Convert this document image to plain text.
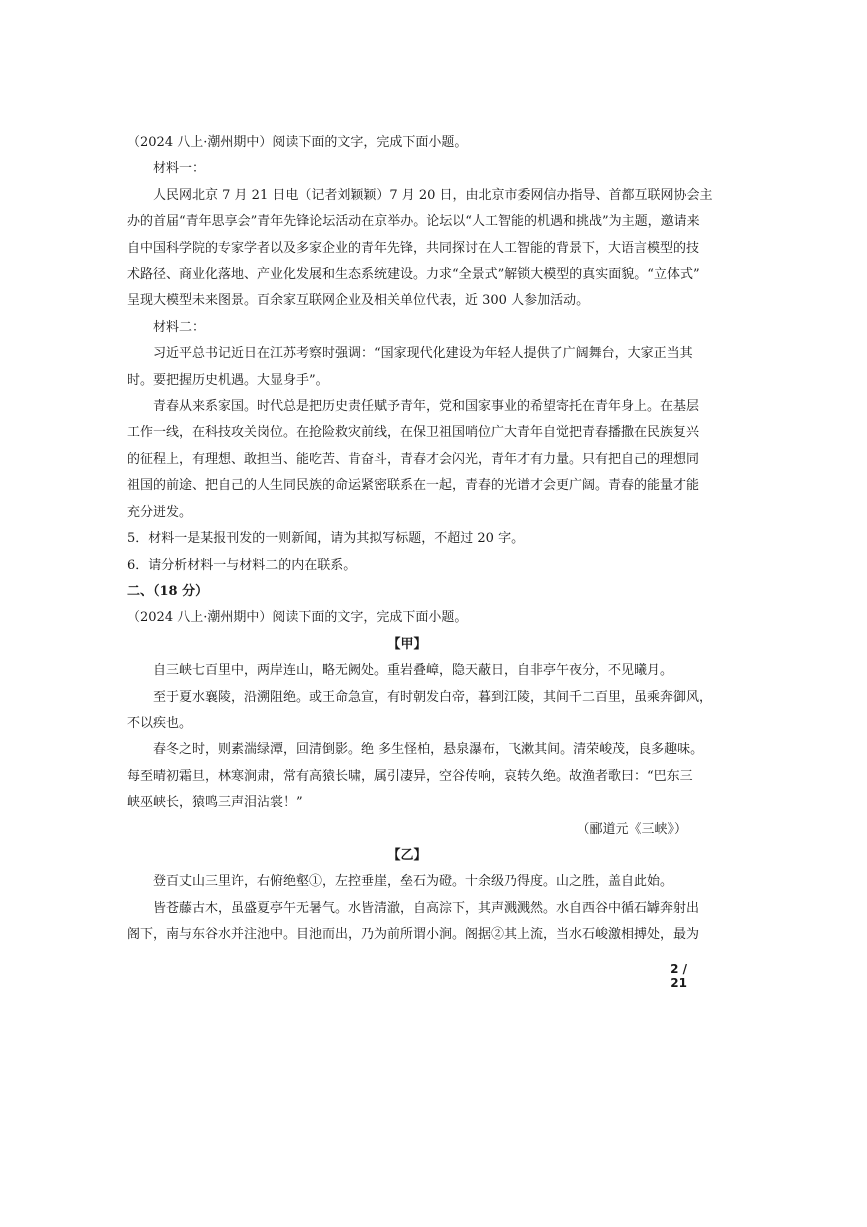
（2024 八上·潮州期中）阅读下面的文字，完成下面小题。

材料一：

人民网北京 7 月 21 日电（记者刘颖颖）7 月 20 日，由北京市委网信办指导、首都互联网协会主

办的首届“青年思享会”青年先锋论坛活动在京举办。论坛以“人工智能的机遇和挑战”为主题，邀请来

自中国科学院的专家学者以及多家企业的青年先锋，共同探讨在人工智能的背景下，大语言模型的技

术路径、商业化落地、产业化发展和生态系统建设。力求“全景式”解锁大模型的真实面貌。“立体式”

呈现大模型未来图景。百余家互联网企业及相关单位代表，近 300 人参加活动。

材料二：

习近平总书记近日在江苏考察时强调：“国家现代化建设为年轻人提供了广阔舞台，大家正当其

时。要把握历史机遇。大显身手”。

青春从来系家国。时代总是把历史责任赋予青年，党和国家事业的希望寄托在青年身上。在基层

工作一线，在科技攻关岗位。在抢险救灾前线，在保卫祖国哨位广大青年自觉把青春播撒在民族复兴

的征程上，有理想、敢担当、能吃苦、肯奋斗，青春才会闪光，青年才有力量。只有把自己的理想同

祖国的前途、把自己的人生同民族的命运紧密联系在一起，青春的光谱才会更广阔。青春的能量才能

充分迸发。

5．材料一是某报刊发的一则新闻，请为其拟写标题，不超过 20 字。

6．请分析材料一与材料二的内在联系。

二、（18 分）

（2024 八上·潮州期中）阅读下面的文字，完成下面小题。

【甲】

自三峡七百里中，两岸连山，略无阙处。重岩叠嶂，隐天蔽日，自非亭午夜分，不见曦月。

至于夏水襄陵，沿溯阻绝。或王命急宣，有时朝发白帝，暮到江陵，其间千二百里，虽乘奔御风，

不以疾也。

春冬之时，则素湍绿潭，回清倒影。绝 多生怪柏，悬泉瀑布，飞漱其间。清荣峻茂，良多趣味。

每至晴初霜旦，林寒涧肃，常有高猿长啸，属引凄异，空谷传响，哀转久绝。故渔者歌曰：“巴东三

峡巫峡长，猿鸣三声泪沾裳！”

（郦道元《三峡》）

【乙】

登百丈山三里许，右俯绝壑①，左控垂崖，垒石为磴。十余级乃得度。山之胜，盖自此始。

皆苍藤古木，虽盛夏亭午无暑气。水皆清澈，自高淙下，其声溅溅然。水自西谷中循石罅奔射出

阁下，南与东谷水并注池中。目池而出，乃为前所谓小涧。阁据②其上流，当水石峻激相搏处，最为

2 / 21
